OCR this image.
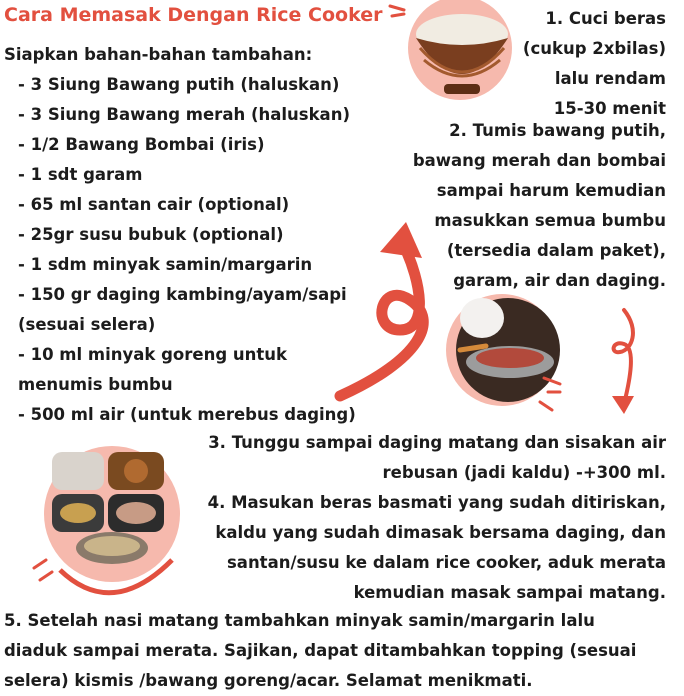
Cara Memasak Dengan Rice Cooker
Siapkan bahan-bahan tambahan:
- 3 Siung Bawang putih (haluskan)
- 3 Siung Bawang merah (haluskan)
- 1/2 Bawang Bombai (iris)
- 1 sdt garam
- 65 ml santan cair (optional)
- 25gr susu bubuk (optional)
- 1 sdm minyak samin/margarin
- 150 gr daging kambing/ayam/sapi
(sesuai selera)
- 10 ml minyak goreng untuk
menumis bumbu
- 500 ml air (untuk merebus daging)
1. Cuci beras
(cukup 2xbilas)
lalu rendam
15-30 menit
2. Tumis bawang putih,
bawang merah dan bombai
sampai harum kemudian
masukkan semua bumbu
(tersedia dalam paket),
garam, air dan daging.
3. Tunggu sampai daging matang dan sisakan air
rebusan (jadi kaldu) -+300 ml.
4. Masukan beras basmati yang sudah ditiriskan,
kaldu yang sudah dimasak bersama daging, dan
santan/susu ke dalam rice cooker, aduk merata
kemudian masak sampai matang.
5. Setelah nasi matang tambahkan minyak samin/margarin lalu
diaduk sampai merata. Sajikan, dapat ditambahkan topping (sesuai
selera) kismis /bawang goreng/acar. Selamat menikmati.
